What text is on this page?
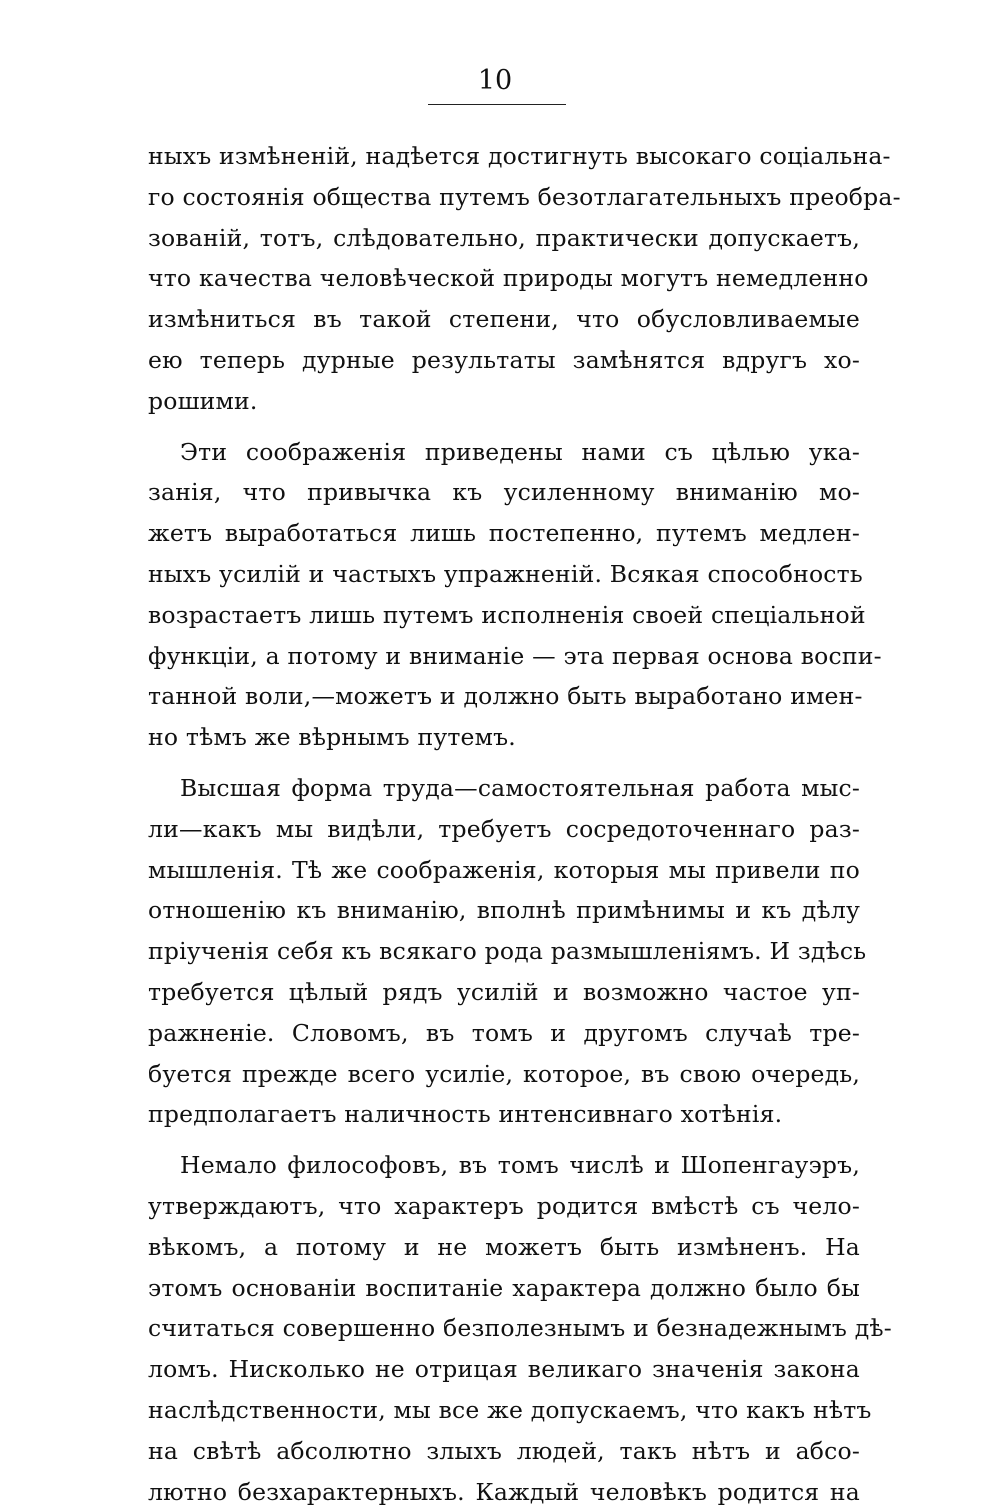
10
ныхъ измѣненій, надѣется достигнуть высокаго соціальна-
го состоянія общества путемъ безотлагательныхъ преобра-
зованій, тотъ, слѣдовательно, практически допускаетъ,
что качества человѣческой природы могутъ немедленно
измѣниться въ такой степени, что обусловливаемые
ею теперь дурные результаты замѣнятся вдругъ хо-
рошими.
Эти соображенія приведены нами съ цѣлью ука-
занія, что привычка къ усиленному вниманію мо-
жетъ выработаться лишь постепенно, путемъ медлен-
ныхъ усилій и частыхъ упражненій. Всякая способность
возрастаетъ лишь путемъ исполненія своей спеціальной
функціи, а потому и вниманіе — эта первая основа воспи-
танной воли,—можетъ и должно быть выработано имен-
но тѣмъ же вѣрнымъ путемъ.
Высшая форма труда—самостоятельная работа мыс-
ли—какъ мы видѣли, требуетъ сосредоточеннаго раз-
мышленія. Тѣ же соображенія, которыя мы привели по
отношенію къ вниманію, вполнѣ примѣнимы и къ дѣлу
пріученія себя къ всякаго рода размышленіямъ. И здѣсь
требуется цѣлый рядъ усилій и возможно частое уп-
ражненіе. Словомъ, въ томъ и другомъ случаѣ тре-
буется прежде всего усиліе, которое, въ свою очередь,
предполагаетъ наличность интенсивнаго хотѣнія.
Немало философовъ, въ томъ числѣ и Шопенгауэръ,
утверждаютъ, что характеръ родится вмѣстѣ съ чело-
вѣкомъ, а потому и не можетъ быть измѣненъ. На
этомъ основаніи воспитаніе характера должно было бы
считаться совершенно безполезнымъ и безнадежнымъ дѣ-
ломъ. Нисколько не отрицая великаго значенія закона
наслѣдственности, мы все же допускаемъ, что какъ нѣтъ
на свѣтѣ абсолютно злыхъ людей, такъ нѣтъ и абсо-
лютно безхарактерныхъ. Каждый человѣкъ родится на
